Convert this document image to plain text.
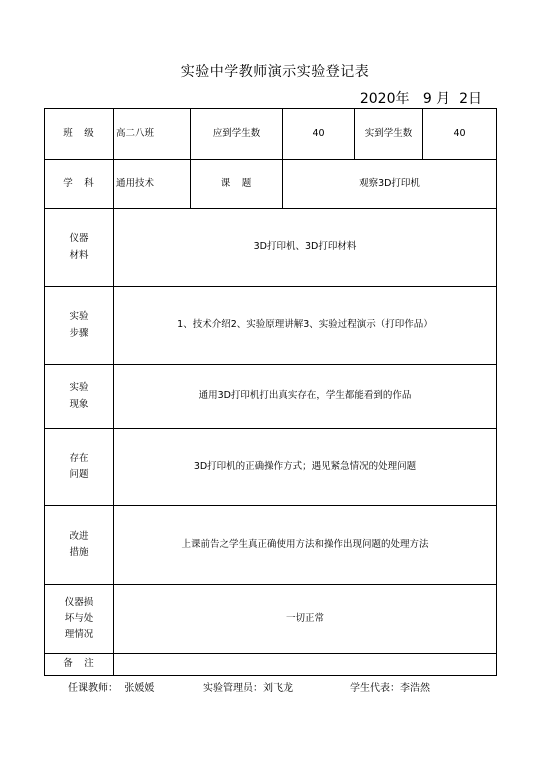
实验中学教师演示实验登记表
2020年   9 月  2日
班　级	高二八班	应到学生数	40	实到学生数	40
学　科	通用技术	课　题	观察3D打印机		

仪器
材料	3D打印机、3D打印材料				

实验
步骤	1、技术介绍2、实验原理讲解3、实验过程演示（打印作品）				

实验
现象	通用3D打印机打出真实存在，学生都能看到的作品				

存在
问题	3D打印机的正确操作方式；遇见紧急情况的处理问题				

改进
措施	上课前告之学生真正确使用方法和操作出现问题的处理方法				

仪器损
坏与处
理情况	一切正常				
备　注					
任课教师：  张媛媛	实验管理员：刘飞龙	学生代表：李浩然
